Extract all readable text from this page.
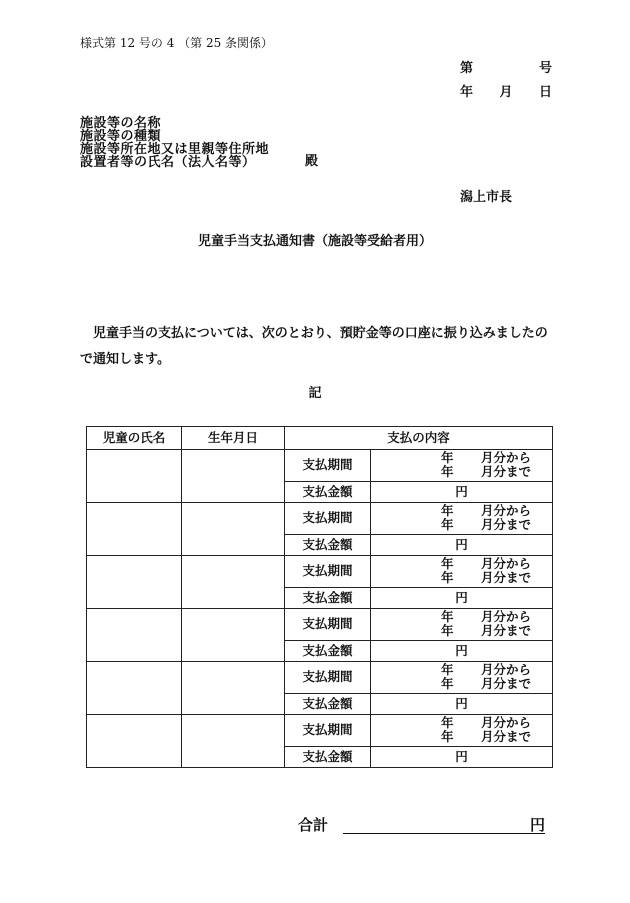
様式第 12 号の 4 （第 25 条関係）
第	号
年 月 日
施設等の名称
施設等の種類
施設等所在地又は里親等住所地
設置者等の氏名（法人名等）	殿
潟上市長
児童手当支払通知書（施設等受給者用）
児童手当の支払については、次のとおり、預貯金等の口座に振り込みましたので通知します。
記
児童の氏名	生年月日	支払の内容	
		支払期間	年 月分から
年 月分まで

		支払金額	円
		支払期間	年 月分から
年 月分まで

		支払金額	円
		支払期間	年 月分から
年 月分まで

		支払金額	円
		支払期間	年 月分から
年 月分まで

		支払金額	円
		支払期間	年 月分から
年 月分まで

		支払金額	円
		支払期間	年 月分から
年 月分まで

		支払金額	円
合計	円
